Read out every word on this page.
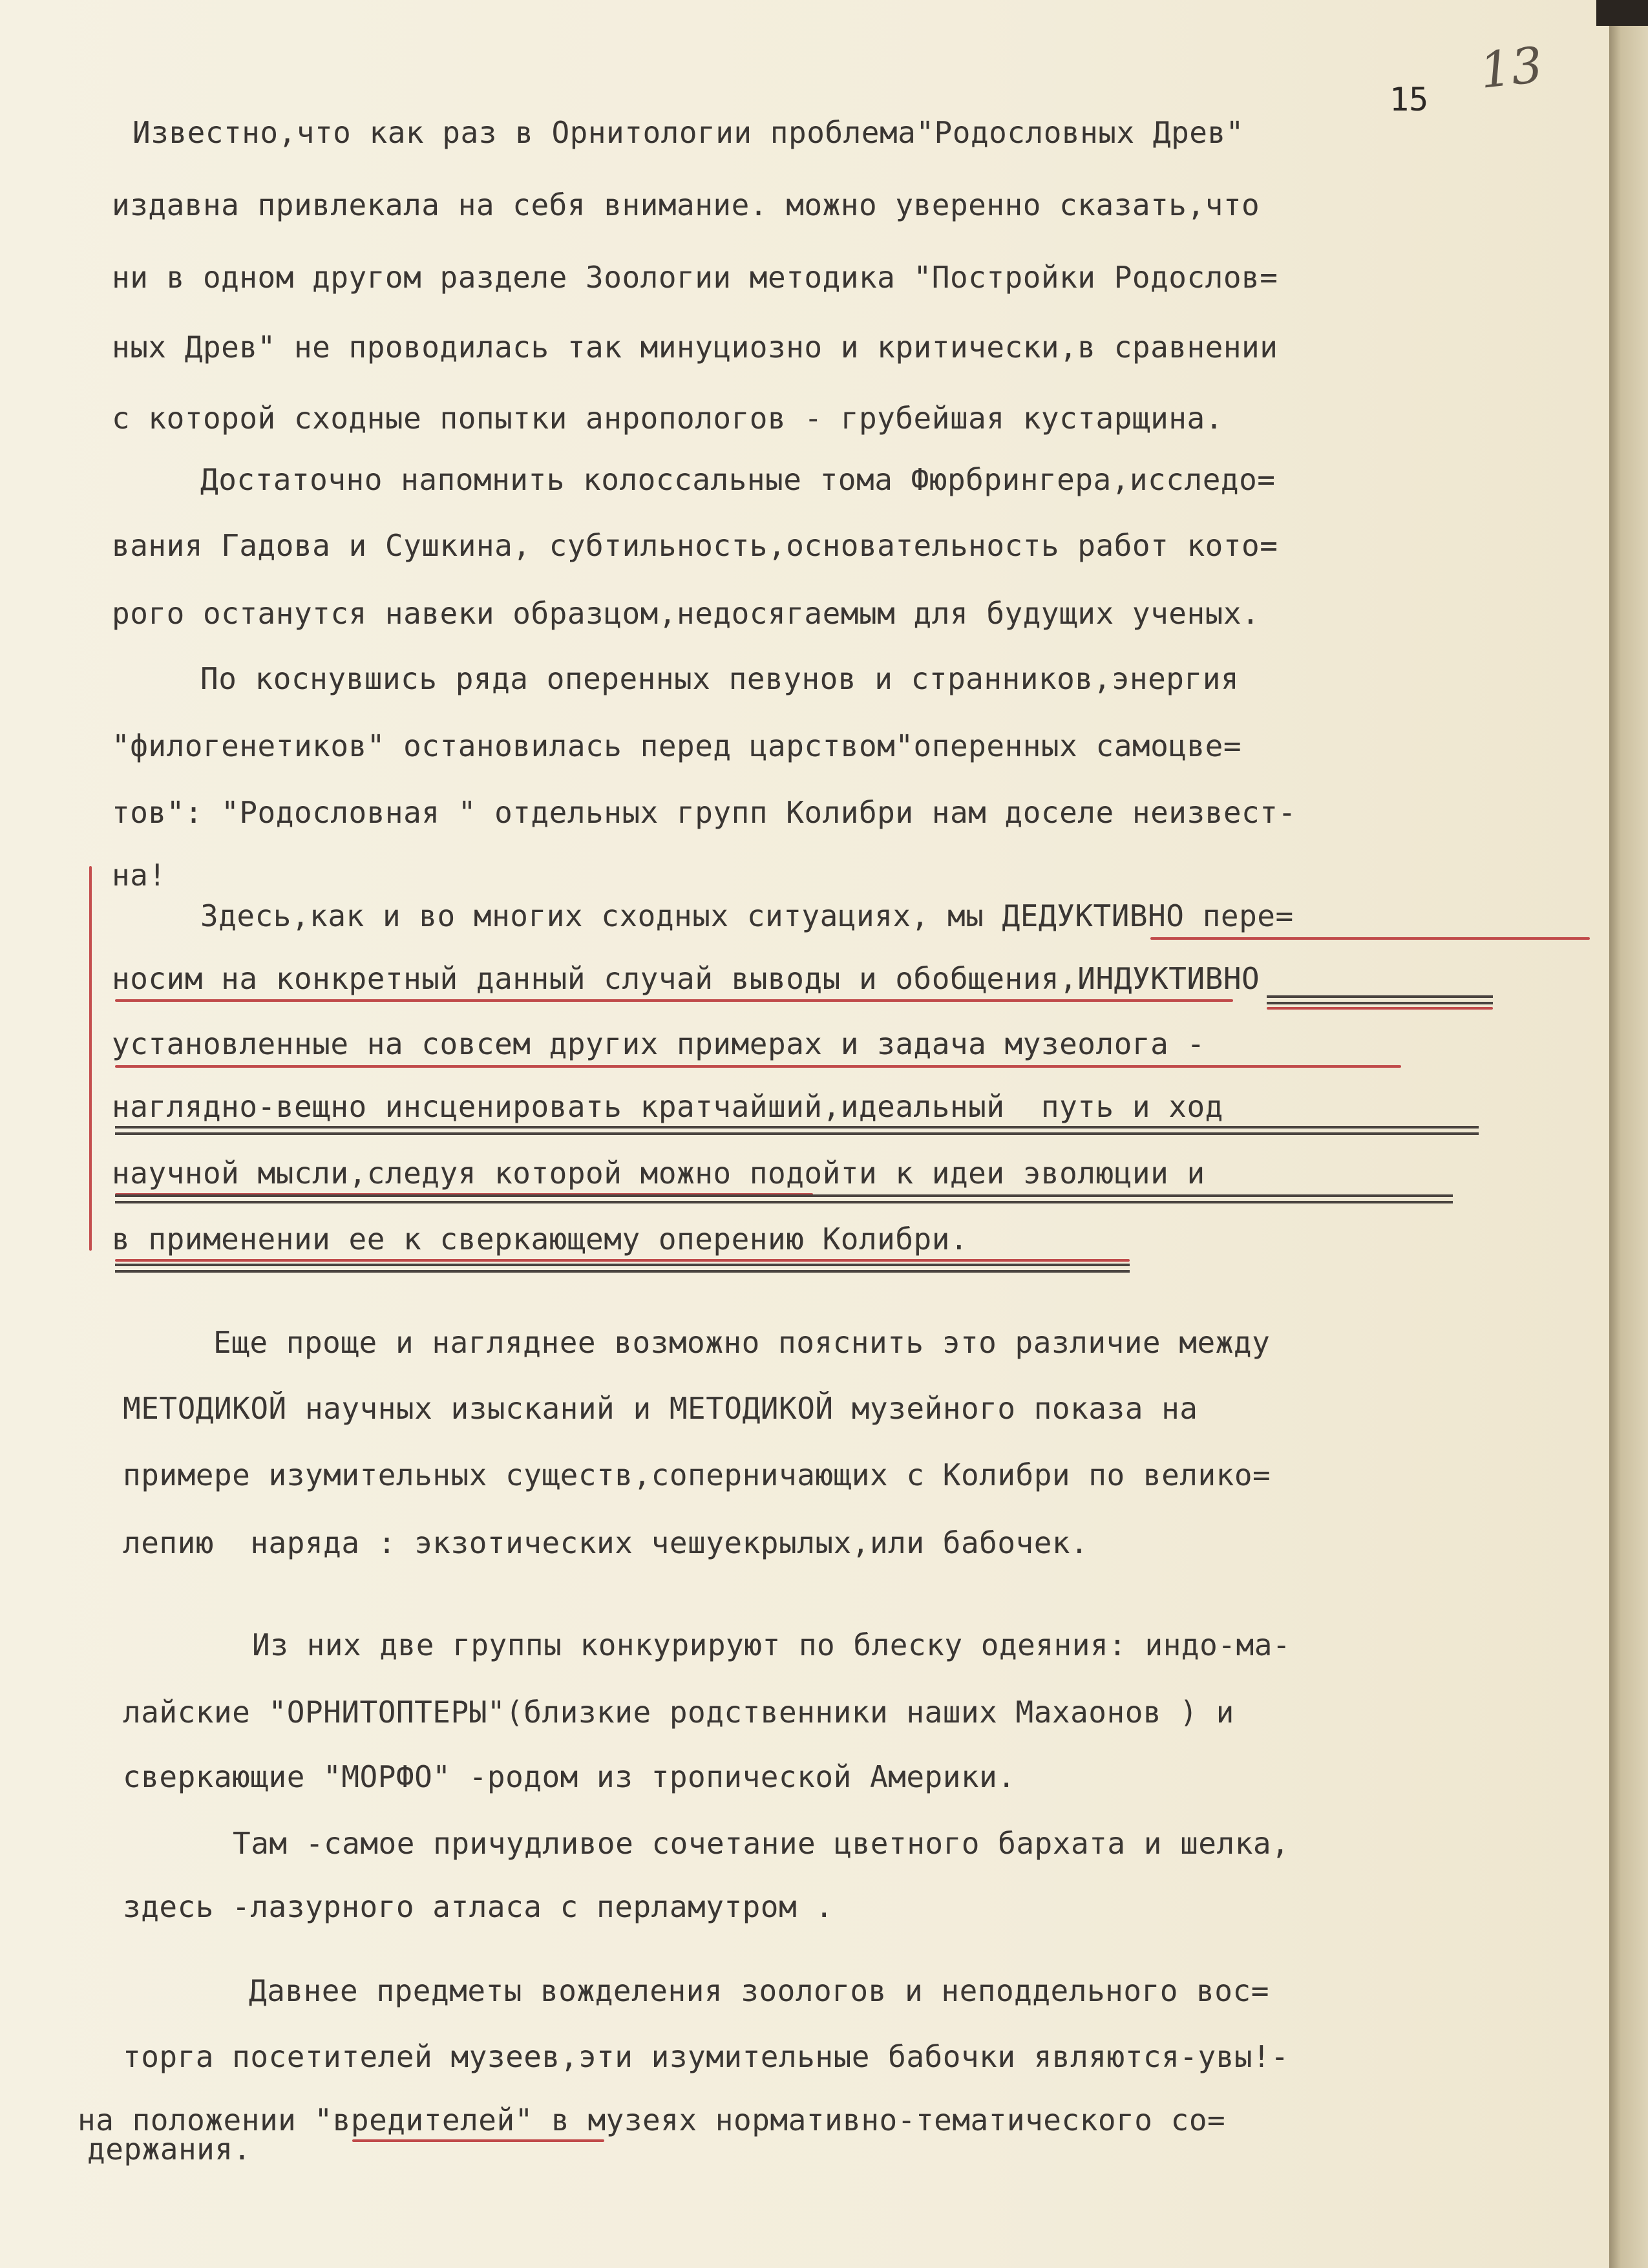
15
13
Известно,что как раз в Орнитологии проблема"Родословных Древ"
издавна привлекала на себя внимание. можно уверенно сказать,что
ни в одном другом разделе Зоологии методика "Постройки Родослов=
ных Древ" не проводилась так минуциозно и критически,в сравнении
с которой сходные попытки анропологов - грубейшая кустарщина.
Достаточно напомнить колоссальные тома Фюрбрингера,исследо=
вания Гадова и Сушкина, субтильность,основательность работ кото=
рого останутся навеки образцом,недосягаемым для будущих ученых.
По коснувшись ряда оперенных певунов и странников,энергия
"филогенетиков" остановилась перед царством"оперенных самоцве=
тов": "Родословная " отдельных групп Колибри нам доселе неизвест-
на!
Здесь,как и во многих сходных ситуациях, мы ДЕДУКТИВНО пере=
носим на конкретный данный случай выводы и обобщения,ИНДУКТИВНО
установленные на совсем других примерах и задача музеолога -
наглядно-вещно инсценировать кратчайший,идеальный  путь и ход
научной мысли,следуя которой можно подойти к идеи эволюции и
в применении ее к сверкающему оперению Колибри.
Еще проще и нагляднее возможно пояснить это различие между
МЕТОДИКОЙ научных изысканий и МЕТОДИКОЙ музейного показа на
примере изумительных существ,соперничающих с Колибри по велико=
лепию  наряда : экзотических чешуекрылых,или бабочек.
Из них две группы конкурируют по блеску одеяния: индо-ма-
лайские "ОРНИТОПТЕРЫ"(близкие родственники наших Махаонов ) и
сверкающие "МОРФО" -родом из тропической Америки.
Там -самое причудливое сочетание цветного бархата и шелка,
здесь -лазурного атласа с перламутром .
Давнее предметы вожделения зоологов и неподдельного вос=
торга посетителей музеев,эти изумительные бабочки являются-увы!-
на положении "вредителей" в музеях нормативно-тематического со=
держания.
